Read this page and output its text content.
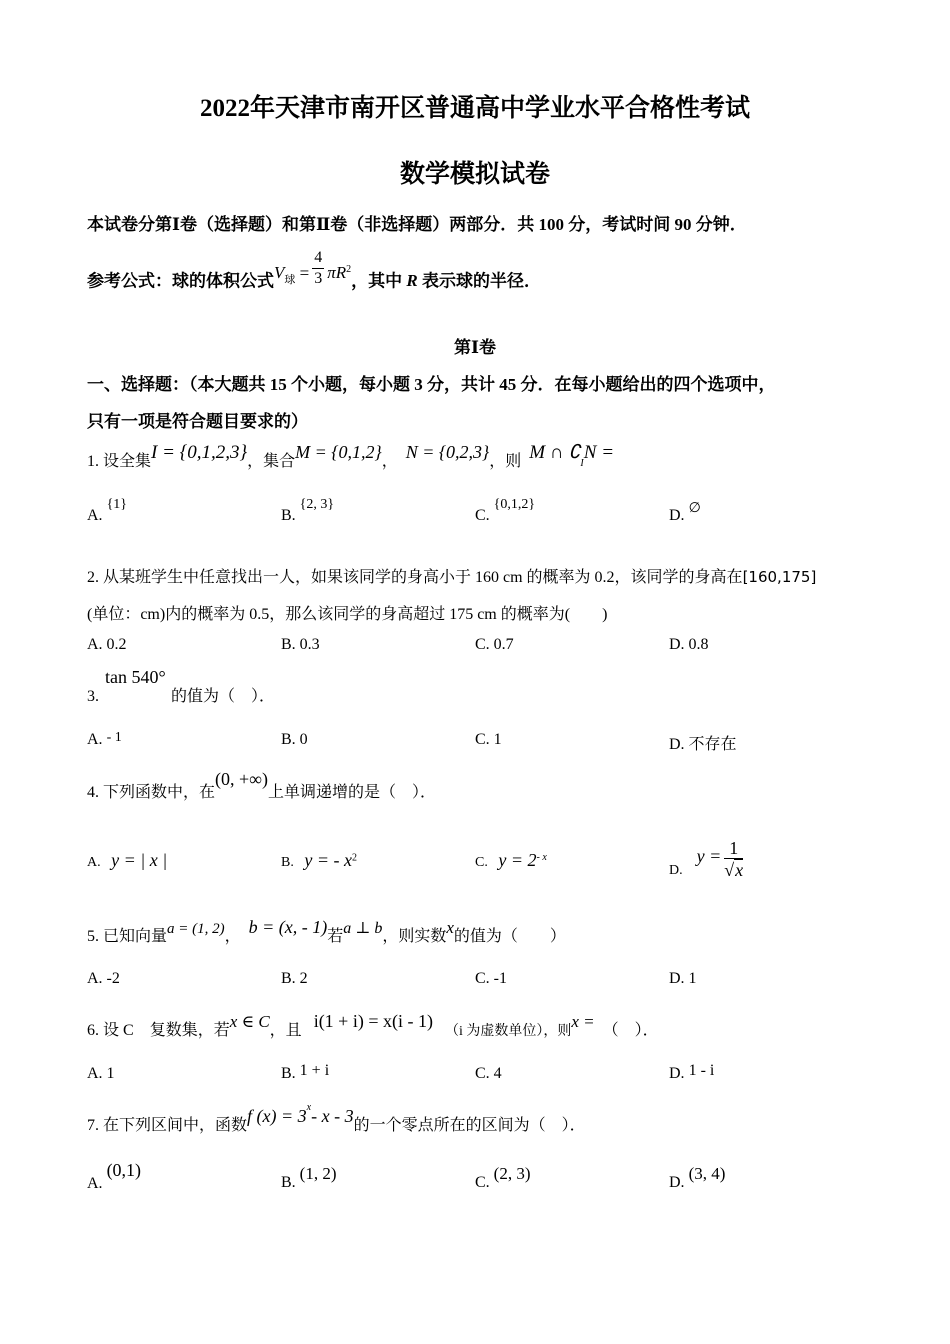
2022年天津市南开区普通高中学业水平合格性考试
数学模拟试卷
本试卷分第Ⅰ卷（选择题）和第Ⅱ卷（非选择题）两部分．共 100 分，考试时间 90 分钟．
参考公式：球的体积公式$V_球 = \frac{4}{3} \pi R^2$，其中 R 表示球的半径．
第Ⅰ卷
一、选择题：（本大题共 15 个小题，每小题 3 分，共计 45 分．在每小题给出的四个选项中，
只有一项是符合题目要求的）
1. 设全集I = {0,1,2,3}，集合M = {0,1,2}， N = {0,2,3}，则 M ∩ $∁_IN$ =
A. {1}
B. {2, 3}
C. {0,1,2}
D. ∅
2. 从某班学生中任意找出一人，如果该同学的身高小于 160 cm 的概率为 0.2，该同学的身高在[160,175]
(单位：cm)内的概率为 0.5，那么该同学的身高超过 175 cm 的概率为(　　)
A. 0.2	B. 0.3	C. 0.7	D. 0.8
3.
tan 540°
的值为（　）．
A. - 1	B. 0	C. 1	D. 不存在
4. 下列函数中，在(0, +∞)上单调递增的是（　）．
A. y = | x |	B. y = - $x^2$	C. $y = 2^{- x}$
D.    $y = \frac{1}{√x}$
5. 已知向量a = (1, 2)， b = (x, - 1)若a ⊥ b，则实数x的值为（　　）
A. -2	B. 2	C. -1	D. 1
6. 设 C 复数集，若x ∈ C，且 i(1 + i) = x(i - 1)   （i 为虚数单位），则x = （　）．
A. 1	B. 1 + i	C. 4	D. 1 - i
7. 在下列区间中，函数f $(x) = 3^x-$ x - 3的一个零点所在的区间为（　）．
A. (0,1)
B. (1, 2)	C. (2, 3)	D. (3, 4)
